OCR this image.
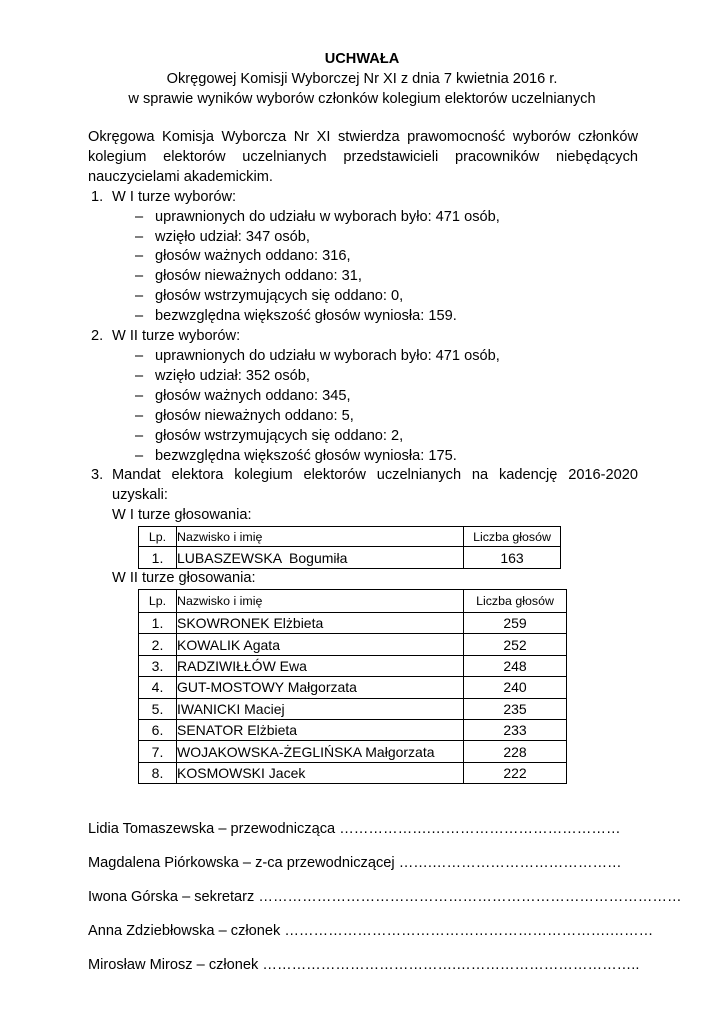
UCHWAŁA
Okręgowej Komisji Wyborczej Nr XI z dnia 7 kwietnia 2016 r.
w sprawie wyników wyborów członków kolegium elektorów uczelnianych
Okręgowa Komisja Wyborcza Nr XI stwierdza prawomocność wyborów członków kolegium elektorów uczelnianych przedstawicieli pracowników niebędących nauczycielami akademickim.
1. W I turze wyborów:
– uprawnionych do udziału w wyborach było: 471 osób,
– wzięło udział: 347 osób,
– głosów ważnych oddano: 316,
– głosów nieważnych oddano: 31,
– głosów wstrzymujących się oddano: 0,
– bezwzględna większość głosów wyniosła: 159.
2. W II turze wyborów:
– uprawnionych do udziału w wyborach było: 471 osób,
– wzięło udział: 352 osób,
– głosów ważnych oddano: 345,
– głosów nieważnych oddano: 5,
– głosów wstrzymujących się oddano: 2,
– bezwzględna większość głosów wyniosła: 175.
3. Mandat elektora kolegium elektorów uczelnianych na kadencję 2016-2020 uzyskali:
W I turze głosowania:
Lp.	Nazwisko i imię	Liczba głosów
1.	LUBASZEWSKA  Bogumiła	163
W II turze głosowania:
Lp.	Nazwisko i imię	Liczba głosów
1.	SKOWRONEK Elżbieta	259
2.	KOWALIK Agata	252
3.	RADZIWIŁŁÓW Ewa	248
4.	GUT-MOSTOWY Małgorzata	240
5.	IWANICKI Maciej	235
6.	SENATOR Elżbieta	233
7.	WOJAKOWSKA-ŻEGLIŃSKA Małgorzata	228
8.	KOSMOWSKI Jacek	222
Lidia Tomaszewska – przewodnicząca ……………….…………………………………
Magdalena Piórkowska – z-ca przewodniczącej …….…………………………………
Iwona Górska – sekretarz ……………………………………………………………………………
Anna Zdziebłowska – członek ………………………………………………………….………
Mirosław Mirosz – członek ………………………………….………………………………..
